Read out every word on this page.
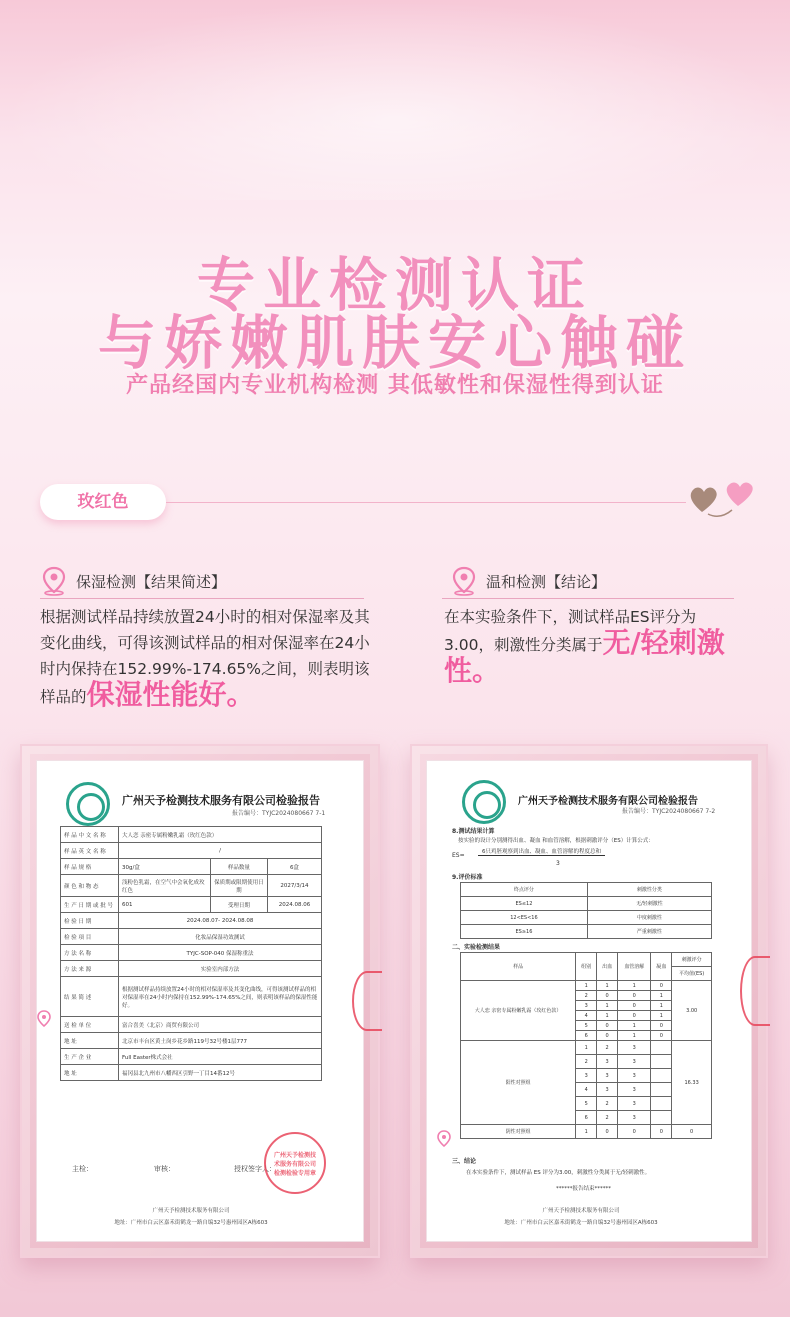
专业检测认证
与娇嫩肌肤安心触碰
产品经国内专业机构检测 其低敏性和保湿性得到认证
玫红色
保湿检测【结果简述】
根据测试样品持续放置24小时的相对保湿率及其变化曲线，可得该测试样品的相对保湿率在24小时内保持在152.99%-174.65%之间，则表明该样品的保湿性能好。
温和检测【结论】
在本实验条件下，测试样品ES评分为3.00，刺激性分类属于无/轻刺激性。
广州天予检测技术服务有限公司检验报告
报告编号：TYJC2024080667 7-1
样 品 中 文 名 称	大人恋 亲密专属粉嫩乳霜（玫红色款）		
样 品 英 文 名 称	/		
样 品 规 格	30g/盒	样品数量	6盒
颜 色 和 物 态	浅粉色乳霜，在空气中会氧化成玫红色	保质期或限期使用日期	2027/3/14
生 产 日 期 或 批 号	601	受理日期	2024.08.06
检 验 日 期	2024.08.07- 2024.08.08		
检 验 项 目	化妆品保湿功效测试		
方 法 名 称	TYJC-SOP-040 保湿称重法		
方 法 来 源	实验室内部方法		
结 果 简 述	根据测试样品持续放置24小时的相对保湿率及其变化曲线，可得该测试样品的相对保湿率在24小时内保持在152.99%-174.65%之间，则表明该样品的保湿性能好。		
送 检 单 位	富合喜美（北京）商贸有限公司		
地 址	北京市丰台区黄土岗乡花乡路119号32号楼1层777		
生 产 企 业	Full Easter株式会社		
地 址	福冈县北九州市八幡西区引野一丁目14番12号		
主检：	审核：	授权签字人：
广州天予检测技术服务有限公司 检测检验专用章
广州天予检测技术服务有限公司
地址：广州市白云区嘉禾街鹤龙一路自编32号惠州园区A栋603
广州天予检测技术服务有限公司检验报告
报告编号：TYJC2024080667 7-2
8.测试结果计算
按实验的设计分别测得出血、凝血 和血管溶解，根据刺激评分（ES）计算公式：
ES=	6只鸡胚观察到出血、凝血、血管溶解的程度总和
3
9.评价标准
终点评分	刺激性分类
ES≤12	无/轻刺激性
12<ES<16	中度刺激性
ES≥16	严重刺激性
二、实验检测结果
样品	组别	出血	血管溶解	凝血	刺激评分
					平均值(ES)
大人恋 亲密专属粉嫩乳霜（玫红色款）	1	1	1	0	3.00
	2	0	0	1	
	3	1	0	1	
	4	1	0	1	
	5	0	1	0	
	6	0	1	0	
阳性对照组	1	2	3		16.33
	2	3	3		
	3	3	3		
	4	3	3		
	5	2	3		
	6	2	3		
阴性对照组	1	0	0	0	0
三、结论
在本实验条件下，测试样品 ES 评分为3.00，刺激性分类属于无/轻刺激性。
******报告结束******
广州天予检测技术服务有限公司
地址：广州市白云区嘉禾街鹤龙一路自编32号惠州园区A栋603
